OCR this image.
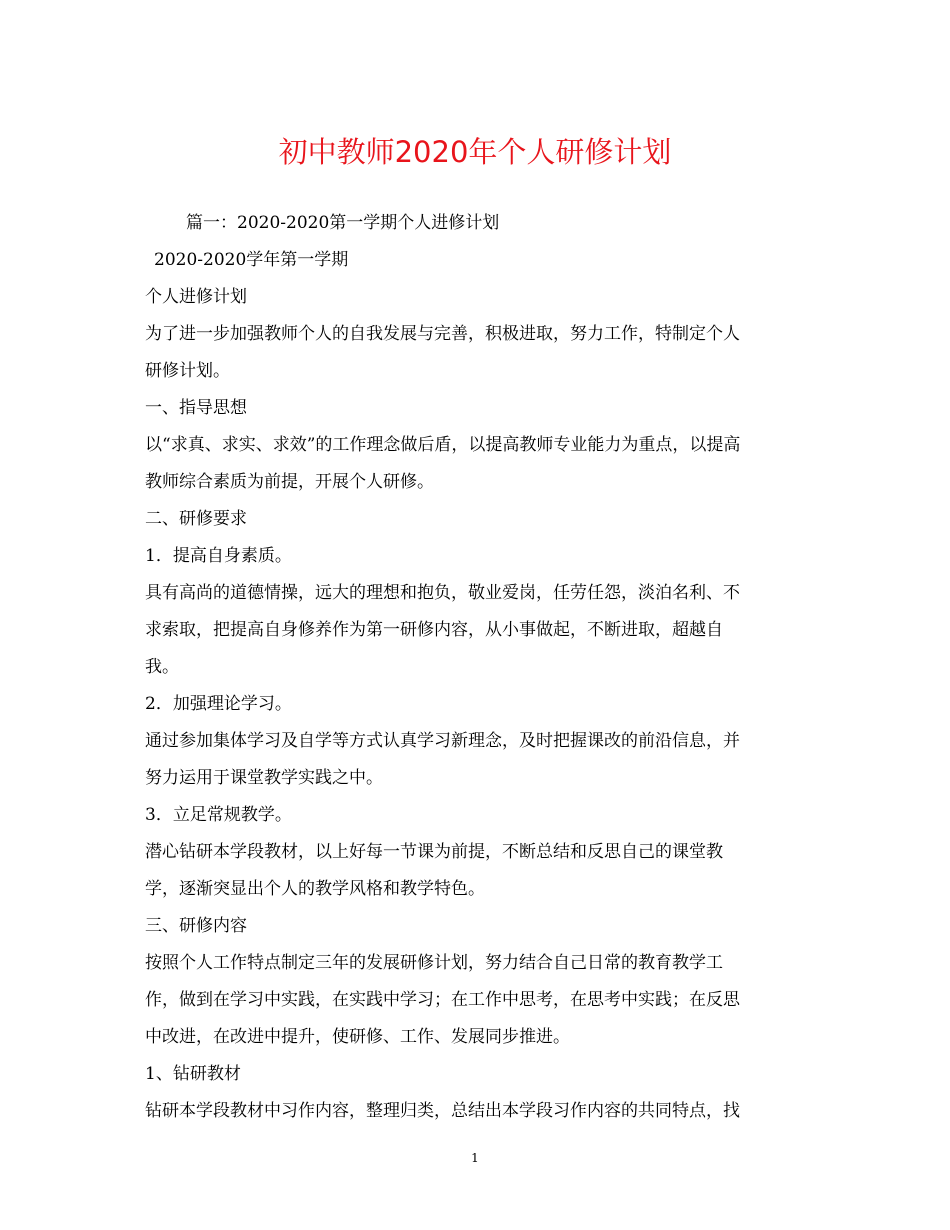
初中教师2020年个人研修计划
篇一：2020-2020第一学期个人进修计划
2020-2020学年第一学期
个人进修计划
为了进一步加强教师个人的自我发展与完善，积极进取，努力工作，特制定个人
研修计划。
一、指导思想
以“求真、求实、求效”的工作理念做后盾，以提高教师专业能力为重点，以提高
教师综合素质为前提，开展个人研修。
二、研修要求
1．提高自身素质。
具有高尚的道德情操，远大的理想和抱负，敬业爱岗，任劳任怨，淡泊名利、不
求索取，把提高自身修养作为第一研修内容，从小事做起，不断进取，超越自
我。
2．加强理论学习。
通过参加集体学习及自学等方式认真学习新理念，及时把握课改的前沿信息，并
努力运用于课堂教学实践之中。
3．立足常规教学。
潜心钻研本学段教材，以上好每一节课为前提，不断总结和反思自己的课堂教
学，逐渐突显出个人的教学风格和教学特色。
三、研修内容
按照个人工作特点制定三年的发展研修计划，努力结合自己日常的教育教学工
作，做到在学习中实践，在实践中学习；在工作中思考，在思考中实践；在反思
中改进，在改进中提升，使研修、工作、发展同步推进。
1、钻研教材
钻研本学段教材中习作内容，整理归类，总结出本学段习作内容的共同特点，找
1
